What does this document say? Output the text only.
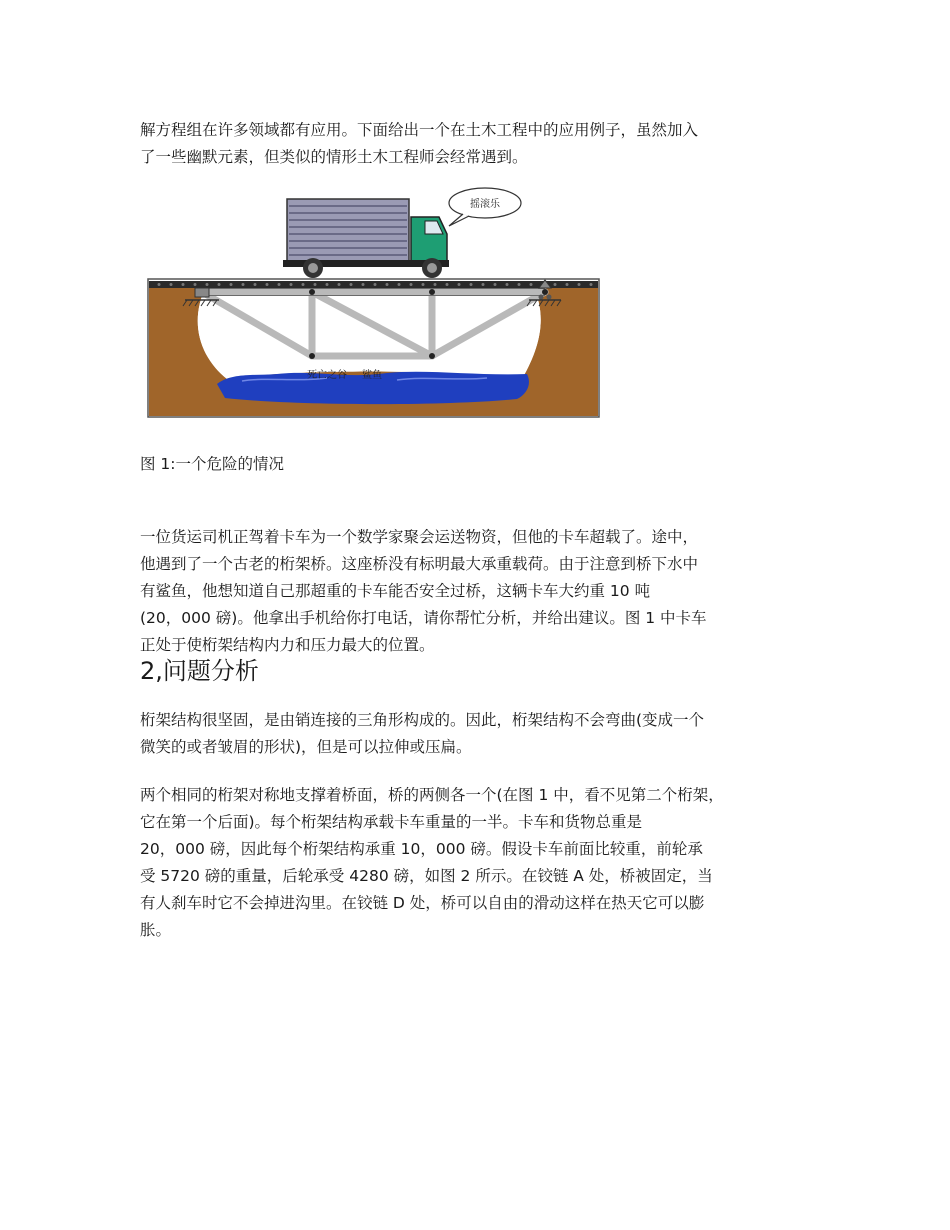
解方程组在许多领域都有应用。下面给出一个在土木工程中的应用例子，虽然加入
了一些幽默元素，但类似的情形土木工程师会经常遇到。

摇滚乐
死亡之谷 鲨鱼

图 1:一个危险的情况

一位货运司机正驾着卡车为一个数学家聚会运送物资，但他的卡车超载了。途中，
他遇到了一个古老的桁架桥。这座桥没有标明最大承重载荷。由于注意到桥下水中
有鲨鱼，他想知道自己那超重的卡车能否安全过桥，这辆卡车大约重 10 吨
(20，000 磅)。他拿出手机给你打电话，请你帮忙分析，并给出建议。图 1 中卡车
正处于使桁架结构内力和压力最大的位置。

2,问题分析

桁架结构很坚固，是由销连接的三角形构成的。因此，桁架结构不会弯曲(变成一个
微笑的或者皱眉的形状)，但是可以拉伸或压扁。

两个相同的桁架对称地支撑着桥面，桥的两侧各一个(在图 1 中，看不见第二个桁架，
它在第一个后面)。每个桁架结构承载卡车重量的一半。卡车和货物总重是
20，000 磅，因此每个桁架结构承重 10，000 磅。假设卡车前面比较重，前轮承
受 5720 磅的重量，后轮承受 4280 磅，如图 2 所示。在铰链 A 处，桥被固定，当
有人刹车时它不会掉进沟里。在铰链 D 处，桥可以自由的滑动这样在热天它可以膨
胀。
